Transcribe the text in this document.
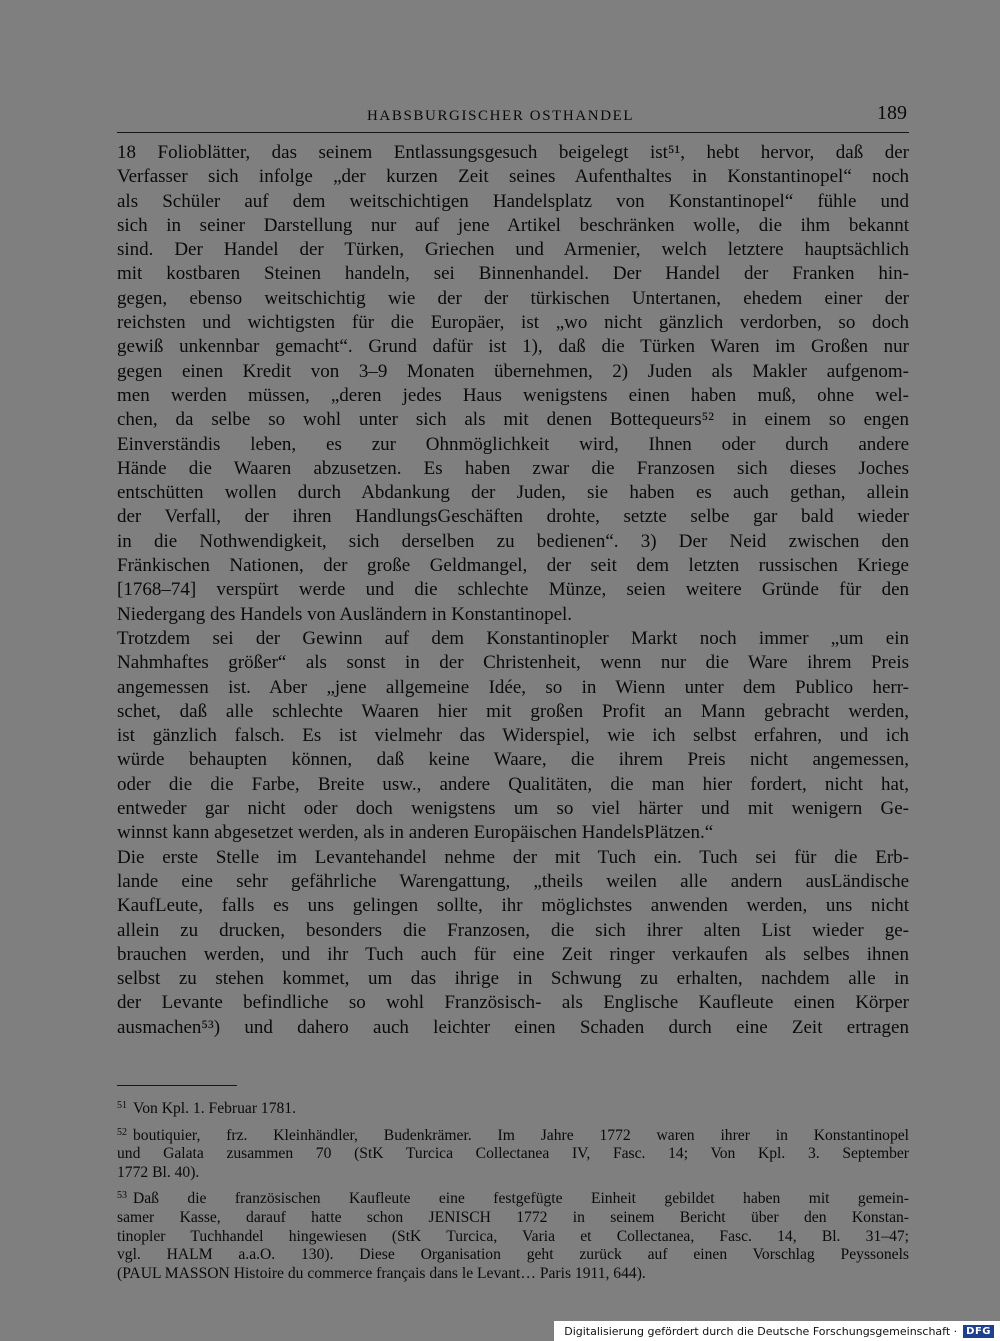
HABSBURGISCHER OSTHANDEL	189
18 Folioblätter, das seinem Entlassungsgesuch beigelegt ist⁵¹, hebt hervor, daß der
Verfasser sich infolge „der kurzen Zeit seines Aufenthaltes in Konstantinopel“ noch
als Schüler auf dem weitschichtigen Handelsplatz von Konstantinopel“ fühle und
sich in seiner Darstellung nur auf jene Artikel beschränken wolle, die ihm bekannt
sind. Der Handel der Türken, Griechen und Armenier, welch letztere hauptsächlich
mit kostbaren Steinen handeln, sei Binnenhandel. Der Handel der Franken hin-
gegen, ebenso weitschichtig wie der der türkischen Untertanen, ehedem einer der
reichsten und wichtigsten für die Europäer, ist „wo nicht gänzlich verdorben, so doch
gewiß unkennbar gemacht“. Grund dafür ist 1), daß die Türken Waren im Großen nur
gegen einen Kredit von 3–9 Monaten übernehmen, 2) Juden als Makler aufgenom-
men werden müssen, „deren jedes Haus wenigstens einen haben muß, ohne wel-
chen, da selbe so wohl unter sich als mit denen Bottequeurs⁵² in einem so engen
Einverständis leben, es zur Ohnmöglichkeit wird, Ihnen oder durch andere
Hände die Waaren abzusetzen. Es haben zwar die Franzosen sich dieses Joches
entschütten wollen durch Abdankung der Juden, sie haben es auch gethan, allein
der Verfall, der ihren HandlungsGeschäften drohte, setzte selbe gar bald wieder
in die Nothwendigkeit, sich derselben zu bedienen“. 3) Der Neid zwischen den
Fränkischen Nationen, der große Geldmangel, der seit dem letzten russischen Kriege
[1768–74] verspürt werde und die schlechte Münze, seien weitere Gründe für den
Niedergang des Handels von Ausländern in Konstantinopel.
Trotzdem sei der Gewinn auf dem Konstantinopler Markt noch immer „um ein
Nahmhaftes größer“ als sonst in der Christenheit, wenn nur die Ware ihrem Preis
angemessen ist. Aber „jene allgemeine Idée, so in Wienn unter dem Publico herr-
schet, daß alle schlechte Waaren hier mit großen Profit an Mann gebracht werden,
ist gänzlich falsch. Es ist vielmehr das Widerspiel, wie ich selbst erfahren, und ich
würde behaupten können, daß keine Waare, die ihrem Preis nicht angemessen,
oder die die Farbe, Breite usw., andere Qualitäten, die man hier fordert, nicht hat,
entweder gar nicht oder doch wenigstens um so viel härter und mit wenigern Ge-
winnst kann abgesetzet werden, als in anderen Europäischen HandelsPlätzen.“
Die erste Stelle im Levantehandel nehme der mit Tuch ein. Tuch sei für die Erb-
lande eine sehr gefährliche Warengattung, „theils weilen alle andern ausLändische
KaufLeute, falls es uns gelingen sollte, ihr möglichstes anwenden werden, uns nicht
allein zu drucken, besonders die Franzosen, die sich ihrer alten List wieder ge-
brauchen werden, und ihr Tuch auch für eine Zeit ringer verkaufen als selbes ihnen
selbst zu stehen kommet, um das ihrige in Schwung zu erhalten, nachdem alle in
der Levante befindliche so wohl Französisch- als Englische Kaufleute einen Körper
ausmachen⁵³) und dahero auch leichter einen Schaden durch eine Zeit ertragen
$^{51}$ Von Kpl. 1. Februar 1781.
$^{52}$ boutiquier, frz. Kleinhändler, Budenkrämer. Im Jahre 1772 waren ihrer in Konstantinopel
und Galata zusammen 70 (StK Turcica Collectanea IV, Fasc. 14; Von Kpl. 3. September
1772 Bl. 40).
$^{53}$ Daß die französischen Kaufleute eine festgefügte Einheit gebildet haben mit gemein-
samer Kasse, darauf hatte schon JENISCH 1772 in seinem Bericht über den Konstan-
tinopler Tuchhandel hingewiesen (StK Turcica, Varia et Collectanea, Fasc. 14, Bl. 31–47;
vgl. HALM a.a.O. 130). Diese Organisation geht zurück auf einen Vorschlag Peyssonels
(PAUL MASSON Histoire du commerce français dans le Levant… Paris 1911, 644).
Digitalisierung gefördert durch die Deutsche Forschungsgemeinschaft · DFG
